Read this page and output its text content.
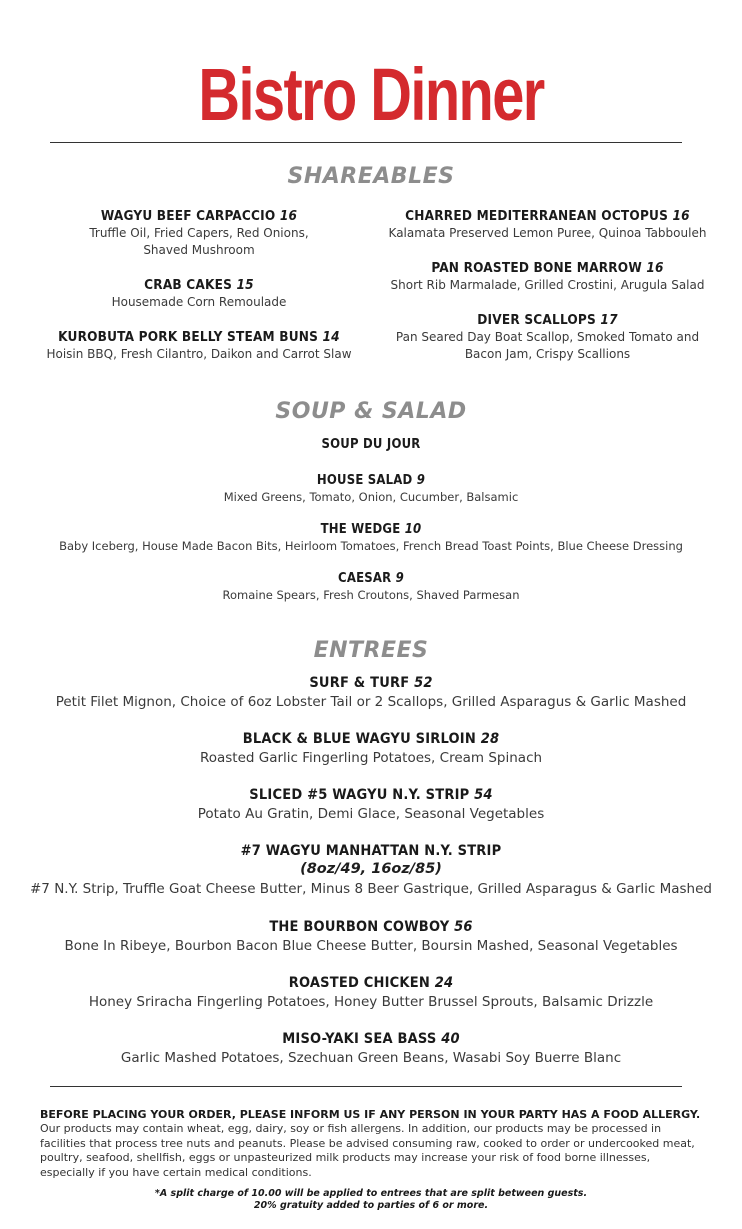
Bistro Dinner
SHAREABLES
WAGYU BEEF CARPACCIO 16
Truffle Oil, Fried Capers, Red Onions,
Shaved Mushroom
CRAB CAKES 15
Housemade Corn Remoulade
KUROBUTA PORK BELLY STEAM BUNS 14
Hoisin BBQ, Fresh Cilantro, Daikon and Carrot Slaw
CHARRED MEDITERRANEAN OCTOPUS 16
Kalamata Preserved Lemon Puree, Quinoa Tabbouleh
PAN ROASTED BONE MARROW 16
Short Rib Marmalade, Grilled Crostini, Arugula Salad
DIVER SCALLOPS 17
Pan Seared Day Boat Scallop, Smoked Tomato and
Bacon Jam, Crispy Scallions
SOUP & SALAD
SOUP DU JOUR
HOUSE SALAD 9
Mixed Greens, Tomato, Onion, Cucumber, Balsamic
THE WEDGE 10
Baby Iceberg, House Made Bacon Bits, Heirloom Tomatoes, French Bread Toast Points, Blue Cheese Dressing
CAESAR 9
Romaine Spears, Fresh Croutons, Shaved Parmesan
ENTREES
SURF & TURF 52
Petit Filet Mignon, Choice of 6oz Lobster Tail or 2 Scallops, Grilled Asparagus & Garlic Mashed
BLACK & BLUE WAGYU SIRLOIN 28
Roasted Garlic Fingerling Potatoes, Cream Spinach
SLICED #5 WAGYU N.Y. STRIP 54
Potato Au Gratin, Demi Glace, Seasonal Vegetables
#7 WAGYU MANHATTAN N.Y. STRIP
(8oz/49, 16oz/85)
#7 N.Y. Strip, Truffle Goat Cheese Butter, Minus 8 Beer Gastrique, Grilled Asparagus & Garlic Mashed
THE BOURBON COWBOY 56
Bone In Ribeye, Bourbon Bacon Blue Cheese Butter, Boursin Mashed, Seasonal Vegetables
ROASTED CHICKEN 24
Honey Sriracha Fingerling Potatoes, Honey Butter Brussel Sprouts, Balsamic Drizzle
MISO-YAKI SEA BASS 40
Garlic Mashed Potatoes, Szechuan Green Beans, Wasabi Soy Buerre Blanc
BEFORE PLACING YOUR ORDER, PLEASE INFORM US IF ANY PERSON IN YOUR PARTY HAS A FOOD ALLERGY.
Our products may contain wheat, egg, dairy, soy or fish allergens. In addition, our products may be processed in facilities that process tree nuts and peanuts. Please be advised consuming raw, cooked to order or undercooked meat, poultry, seafood, shellfish, eggs or unpasteurized milk products may increase your risk of food borne illnesses, especially if you have certain medical conditions.
*A split charge of 10.00 will be applied to entrees that are split between guests.
20% gratuity added to parties of 6 or more.
